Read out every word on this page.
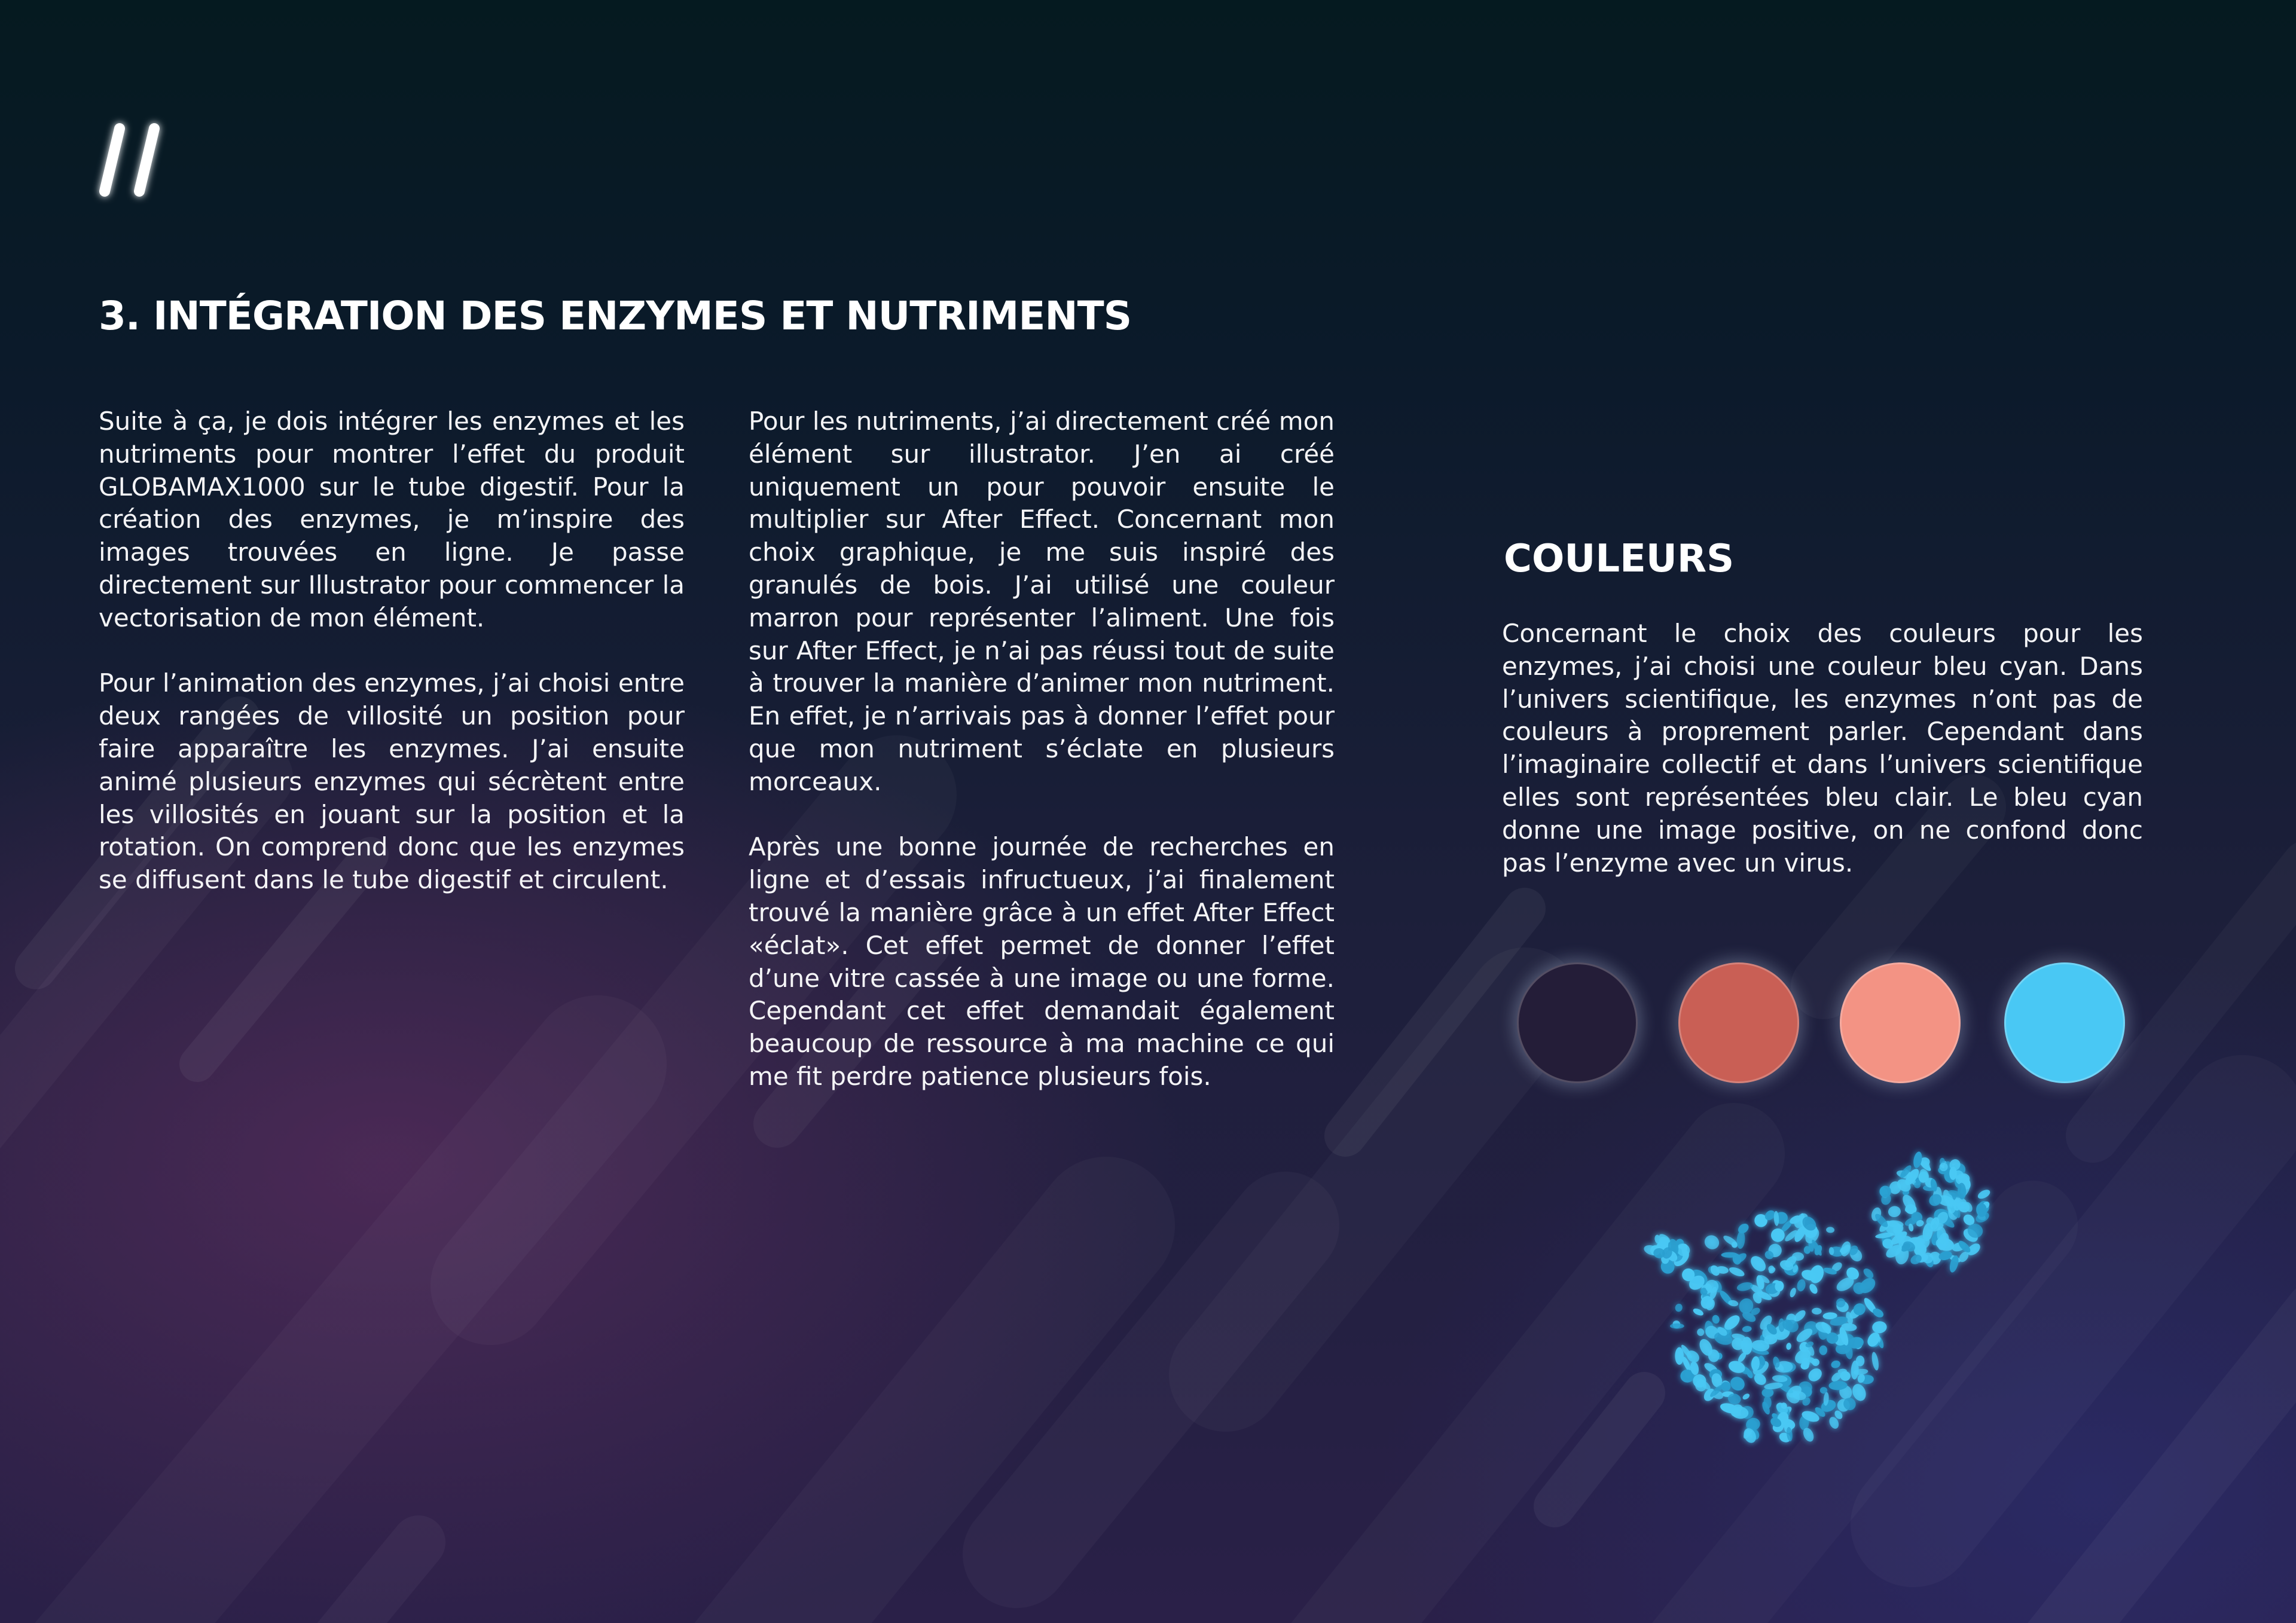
3. INTÉGRATION DES ENZYMES ET NUTRIMENTS

Suite à ça, je dois intégrer les enzymes et les nutriments pour montrer l’effet du produit GLOBAMAX1000 sur le tube digestif. Pour la création des enzymes, je m’inspire des images trouvées en ligne. Je passe directement sur Illustrator pour commencer la vectorisation de mon élément.

Pour l’animation des enzymes, j’ai choisi entre deux rangées de villosité un position pour faire apparaître les enzymes. J’ai ensuite animé plusieurs enzymes qui sécrètent entre les villosités en jouant sur la position et la rotation. On comprend donc que les enzymes se diffusent dans le tube digestif et circulent.

Pour les nutriments, j’ai directement créé mon élément sur illustrator. J’en ai créé uniquement un pour pouvoir ensuite le multiplier sur After Effect. Concernant mon choix graphique, je me suis inspiré des granulés de bois. J’ai utilisé une couleur marron pour représenter l’aliment. Une fois sur After Effect, je n’ai pas réussi tout de suite à trouver la manière d’animer mon nutriment. En effet, je n’arrivais pas à donner l’effet pour que mon nutriment s’éclate en plusieurs morceaux.

Après une bonne journée de recherches en ligne et d’essais infructueux, j’ai finalement trouvé la manière grâce à un effet After Effect «éclat». Cet effet permet de donner l’effet d’une vitre cassée à une image ou une forme. Cependant cet effet demandait également beaucoup de ressource à ma machine ce qui me fit perdre patience plusieurs fois.

COULEURS

Concernant le choix des couleurs pour les enzymes, j’ai choisi une couleur bleu cyan. Dans l’univers scientifique, les enzymes n’ont pas de couleurs à proprement parler. Cependant dans l’imaginaire collectif et dans l’univers scientifique elles sont représentées bleu clair. Le bleu cyan donne une image positive, on ne confond donc pas l’enzyme avec un virus.
